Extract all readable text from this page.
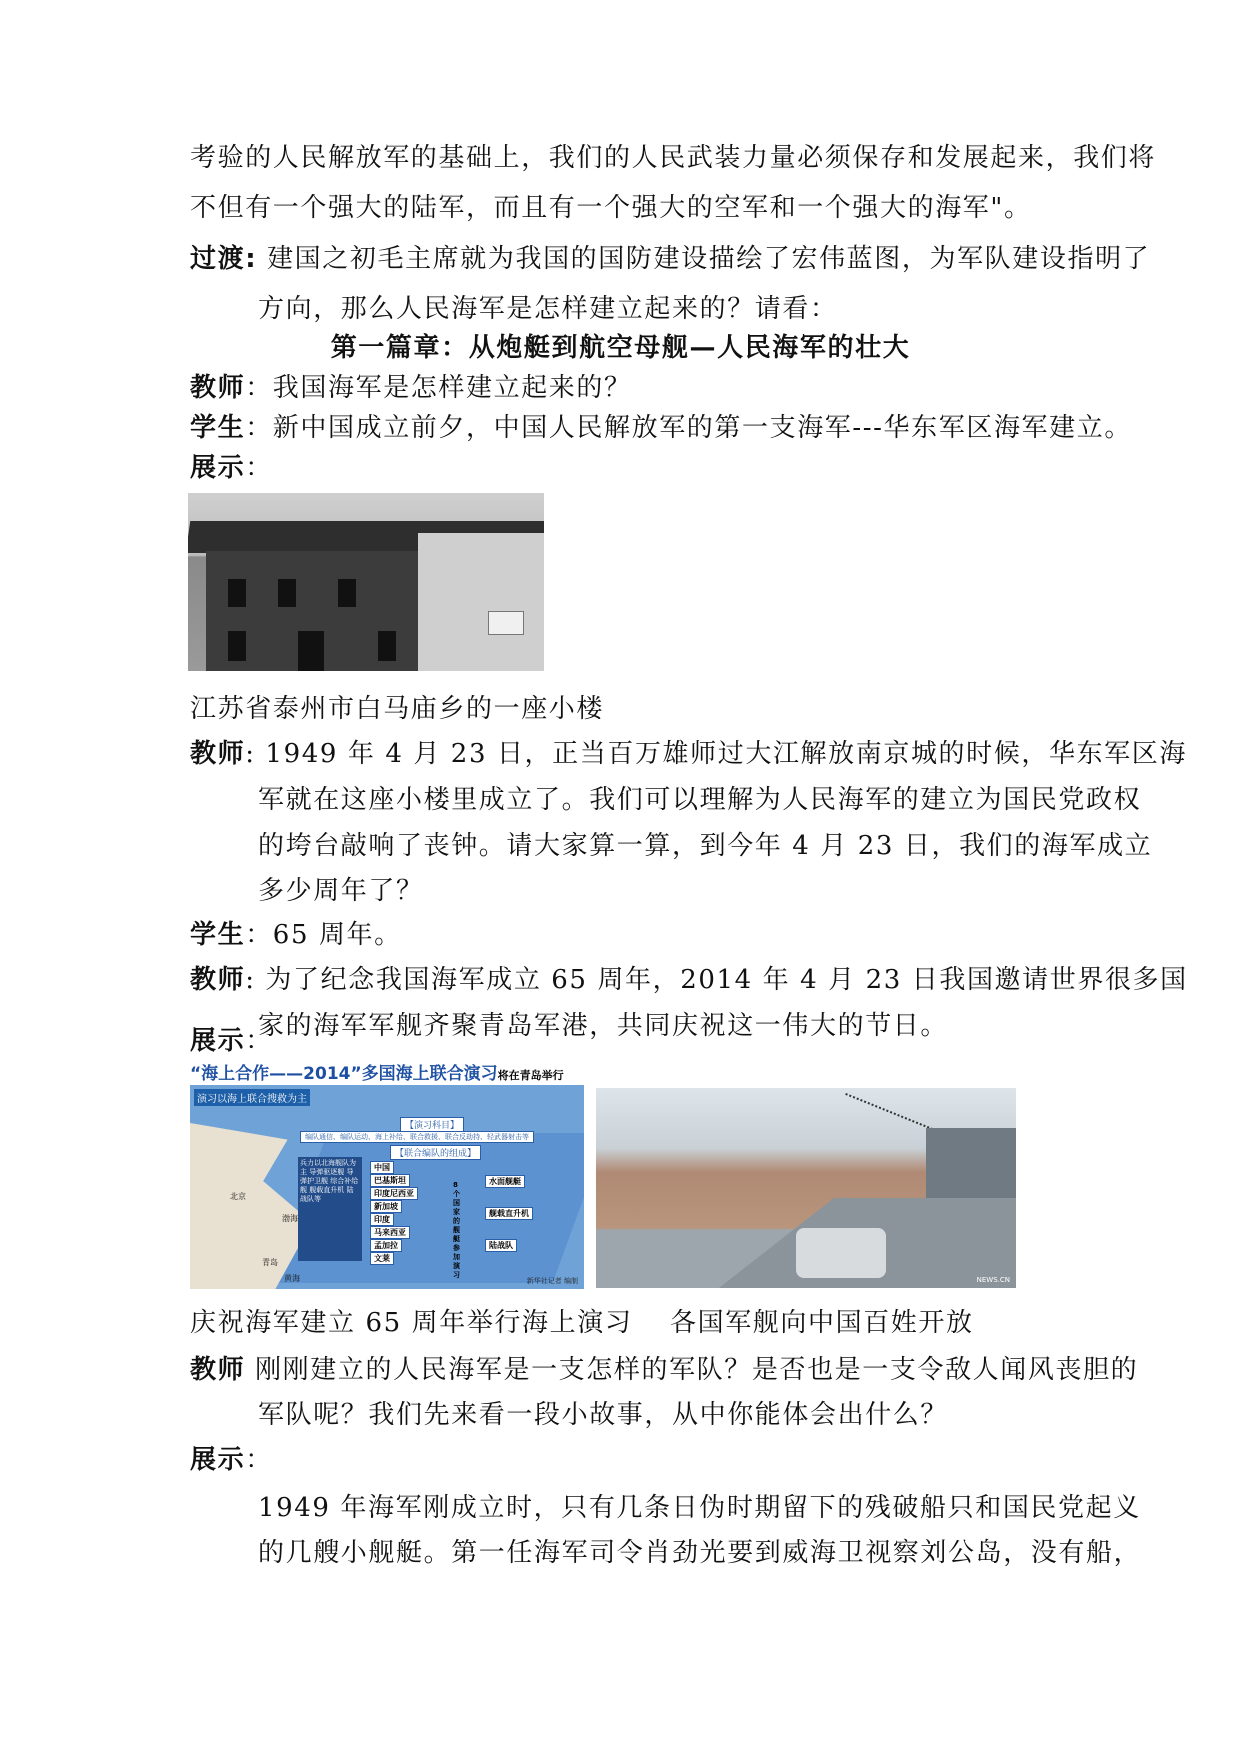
考验的人民解放军的基础上，我们的人民武装力量必须保存和发展起来，我们将
不但有一个强大的陆军，而且有一个强大的空军和一个强大的海军"。
过渡: 建国之初毛主席就为我国的国防建设描绘了宏伟蓝图，为军队建设指明了
方向，那么人民海军是怎样建立起来的？请看：
第一篇章：从炮艇到航空母舰—人民海军的壮大
教师：我国海军是怎样建立起来的？
学生：新中国成立前夕，中国人民解放军的第一支海军---华东军区海军建立。
展示：
江苏省泰州市白马庙乡的一座小楼
教师: 1949 年 4 月 23 日，正当百万雄师过大江解放南京城的时候，华东军区海
军就在这座小楼里成立了。我们可以理解为人民海军的建立为国民党政权
的垮台敲响了丧钟。请大家算一算，到今年 4 月 23 日，我们的海军成立
多少周年了？
学生：65 周年。
教师: 为了纪念我国海军成立 65 周年，2014 年 4 月 23 日我国邀请世界很多国
家的海军军舰齐聚青岛军港，共同庆祝这一伟大的节日。
展示：
“海上合作——2014”多国海上联合演习将在青岛举行
演习以海上联合搜救为主
【演习科目】
编队通信、编队运动、海上补给、联合救援、联合反劫持、轻武器射击等
【联合编队的组成】
中国
巴基斯坦
印度尼西亚
新加坡
印度
马来西亚
孟加拉
文莱
8个国家的舰艇参加演习
水面舰艇
舰载直升机
陆战队
兵力以北海舰队为主 导弹驱逐舰 导弹护卫舰 综合补给舰 舰载直升机 陆战队等
北京
青岛
渤海
黄海	新华社记者 编制	NEWS.CN
庆祝海军建立 65 周年举行海上演习	各国军舰向中国百姓开放
教师 刚刚建立的人民海军是一支怎样的军队？是否也是一支令敌人闻风丧胆的
军队呢？我们先来看一段小故事，从中你能体会出什么？
展示：
1949 年海军刚成立时，只有几条日伪时期留下的残破船只和国民党起义
的几艘小舰艇。第一任海军司令肖劲光要到威海卫视察刘公岛，没有船，
